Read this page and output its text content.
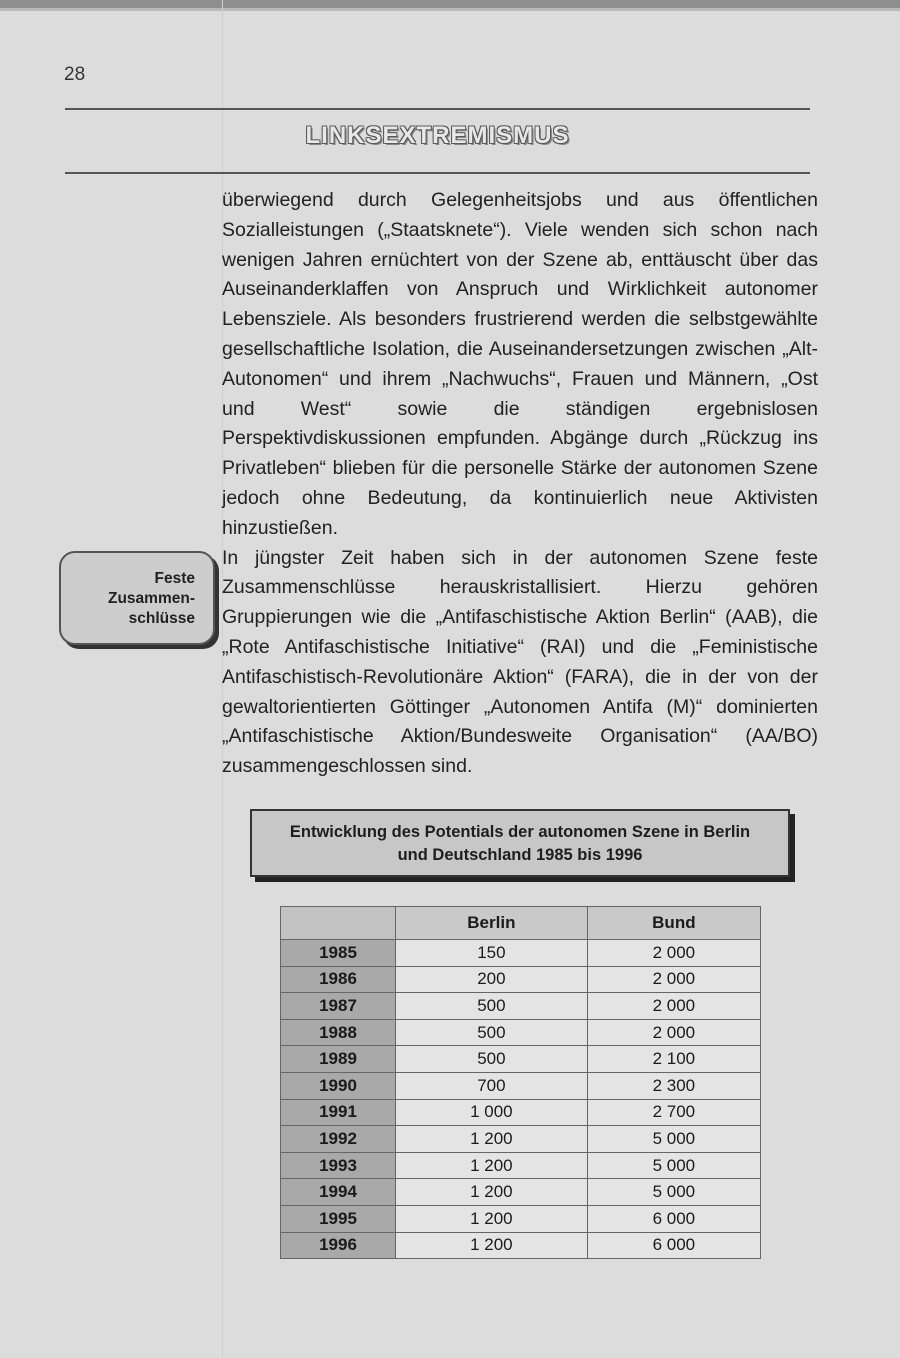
28
LINKSEXTREMISMUS
Feste
Zusammen-
schlüsse

überwiegend durch Gelegenheitsjobs und aus öffentlichen Sozialleistungen („Staatsknete“). Viele wenden sich schon nach wenigen Jahren ernüchtert von der Szene ab, enttäuscht über das Auseinanderklaffen von Anspruch und Wirklichkeit autonomer Lebensziele. Als besonders frustrierend werden die selbstgewählte gesellschaftliche Isolation, die Auseinandersetzungen zwischen „Alt-Autonomen“ und ihrem „Nachwuchs“, Frauen und Männern, „Ost und West“ sowie die ständigen ergebnislosen Perspektivdiskussionen empfunden. Abgänge durch „Rückzug ins Privatleben“ blieben für die personelle Stärke der autonomen Szene jedoch ohne Bedeutung, da kontinuierlich neue Aktivisten hinzustießen.

In jüngster Zeit haben sich in der autonomen Szene feste Zusammenschlüsse herauskristallisiert. Hierzu gehören Gruppierungen wie die „Antifaschistische Aktion Berlin“ (AAB), die „Rote Antifaschistische Initiative“ (RAI) und die „Feministische Antifaschistisch-Revolutionäre Aktion“ (FARA), die in der von der gewaltorientierten Göttinger „Autonomen Antifa (M)“ dominierten „Antifaschistische Aktion/Bundesweite Organisation“ (AA/BO) zusammengeschlossen sind.

Entwicklung des Potentials der autonomen Szene in Berlin
und Deutschland 1985 bis 1996
	Berlin	Bund
1985	150	2 000
1986	200	2 000
1987	500	2 000
1988	500	2 000
1989	500	2 100
1990	700	2 300
1991	1 000	2 700
1992	1 200	5 000
1993	1 200	5 000
1994	1 200	5 000
1995	1 200	6 000
1996	1 200	6 000
